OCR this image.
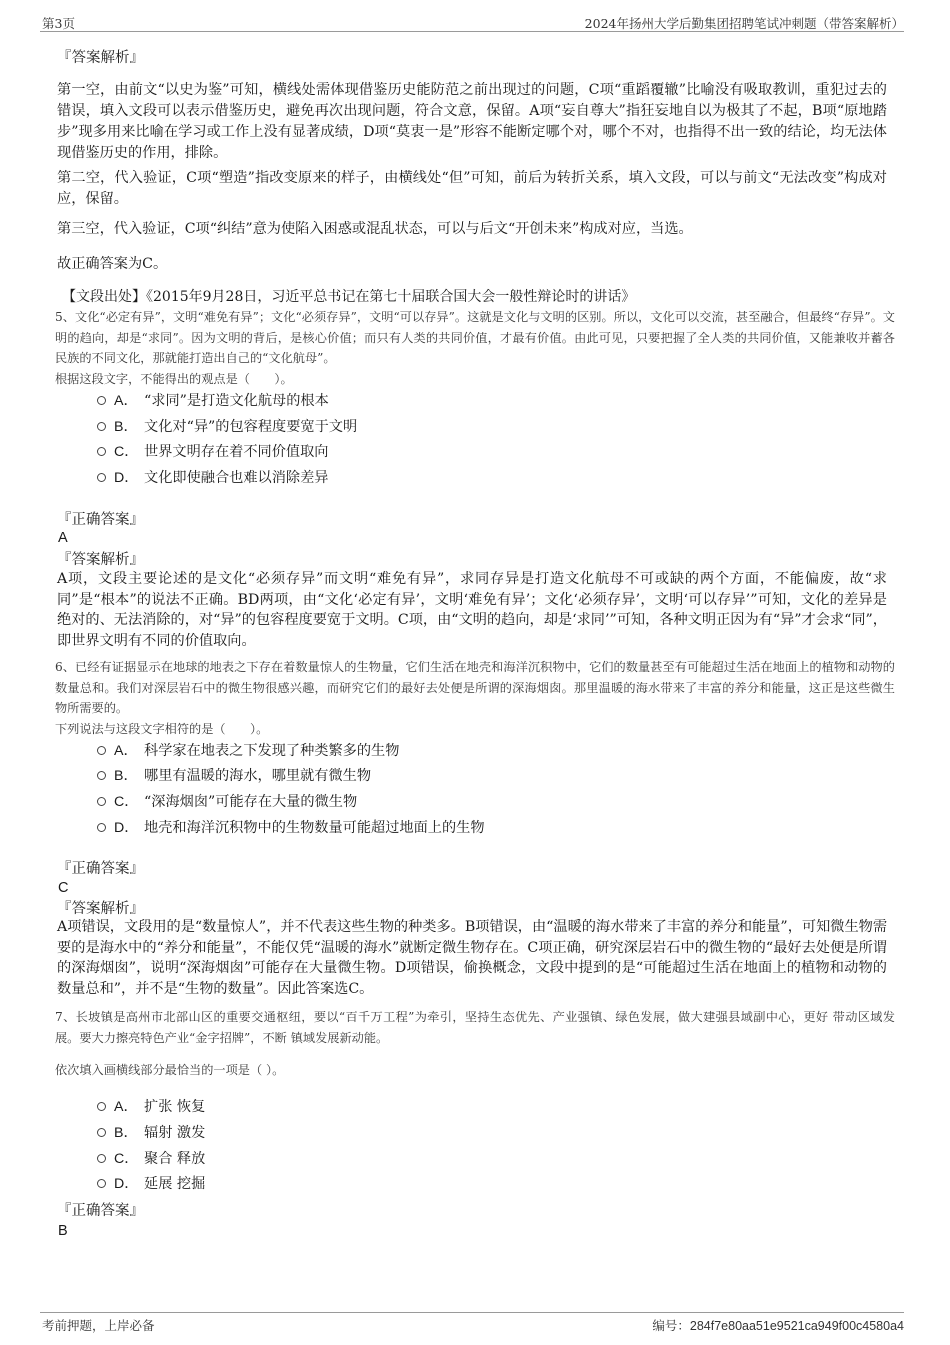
第3页	2024年扬州大学后勤集团招聘笔试冲刺题（带答案解析）
『答案解析』
第一空，由前文“以史为鉴”可知，横线处需体现借鉴历史能防范之前出现过的问题，C项“重蹈覆辙”比喻没有吸取教训，重犯过去的错误，填入文段可以表示借鉴历史，避免再次出现问题，符合文意，保留。A项“妄自尊大”指狂妄地自以为极其了不起，B项“原地踏步”现多用来比喻在学习或工作上没有显著成绩，D项“莫衷一是”形容不能断定哪个对，哪个不对，也指得不出一致的结论，均无法体现借鉴历史的作用，排除。
第二空，代入验证，C项“塑造”指改变原来的样子，由横线处“但”可知，前后为转折关系，填入文段，可以与前文“无法改变”构成对应，保留。
第三空，代入验证，C项“纠结”意为使陷入困惑或混乱状态，可以与后文“开创未来”构成对应，当选。
故正确答案为C。
【文段出处】《2015年9月28日，习近平总书记在第七十届联合国大会一般性辩论时的讲话》
5、文化“必定有异”，文明“难免有异”；文化“必须存异”，文明“可以存异”。这就是文化与文明的区别。所以，文化可以交流，甚至融合，但最终“存异”。文明的趋向，却是“求同”。因为文明的背后，是核心价值；而只有人类的共同价值，才最有价值。由此可见，只要把握了全人类的共同价值，又能兼收并蓄各民族的不同文化，那就能打造出自己的“文化航母”。
根据这段文字，不能得出的观点是（　　）。
A． “求同”是打造文化航母的根本
B． 文化对“异”的包容程度要宽于文明
C． 世界文明存在着不同价值取向
D． 文化即使融合也难以消除差异
『正确答案』
A
『答案解析』
A项，文段主要论述的是文化“必须存异”而文明“难免有异”，求同存异是打造文化航母不可或缺的两个方面，不能偏废，故“求同”是“根本”的说法不正确。BD两项，由“文化‘必定有异’，文明‘难免有异’；文化‘必须存异’，文明‘可以存异’”可知，文化的差异是绝对的、无法消除的，对“异”的包容程度要宽于文明。C项，由“文明的趋向，却是‘求同’”可知，各种文明正因为有“异”才会求“同”，即世界文明有不同的价值取向。
6、已经有证据显示在地球的地表之下存在着数量惊人的生物量，它们生活在地壳和海洋沉积物中，它们的数量甚至有可能超过生活在地面上的植物和动物的数量总和。我们对深层岩石中的微生物很感兴趣，而研究它们的最好去处便是所谓的深海烟囱。那里温暖的海水带来了丰富的养分和能量，这正是这些微生物所需要的。
下列说法与这段文字相符的是（　　）。
A． 科学家在地表之下发现了种类繁多的生物
B． 哪里有温暖的海水，哪里就有微生物
C． “深海烟囱”可能存在大量的微生物
D． 地壳和海洋沉积物中的生物数量可能超过地面上的生物
『正确答案』
C
『答案解析』
A项错误，文段用的是“数量惊人”，并不代表这些生物的种类多。B项错误，由“温暖的海水带来了丰富的养分和能量”，可知微生物需要的是海水中的“养分和能量”，不能仅凭“温暖的海水”就断定微生物存在。C项正确，研究深层岩石中的微生物的“最好去处便是所谓的深海烟囱”，说明“深海烟囱”可能存在大量微生物。D项错误，偷换概念，文段中提到的是“可能超过生活在地面上的植物和动物的数量总和”，并不是“生物的数量”。因此答案选C。
7、长坡镇是高州市北部山区的重要交通枢纽，要以“百千万工程”为牵引，坚持生态优先、产业强镇、绿色发展，做大建强县域副中心，更好 带动区域发展。要大力擦亮特色产业“金字招牌”，不断 镇域发展新动能。
依次填入画横线部分最恰当的一项是（ ）。
A． 扩张 恢复
B． 辐射 激发
C． 聚合 释放
D． 延展 挖掘
『正确答案』
B
考前押题，上岸必备	编号：284f7e80aa51e9521ca949f00c4580a4
